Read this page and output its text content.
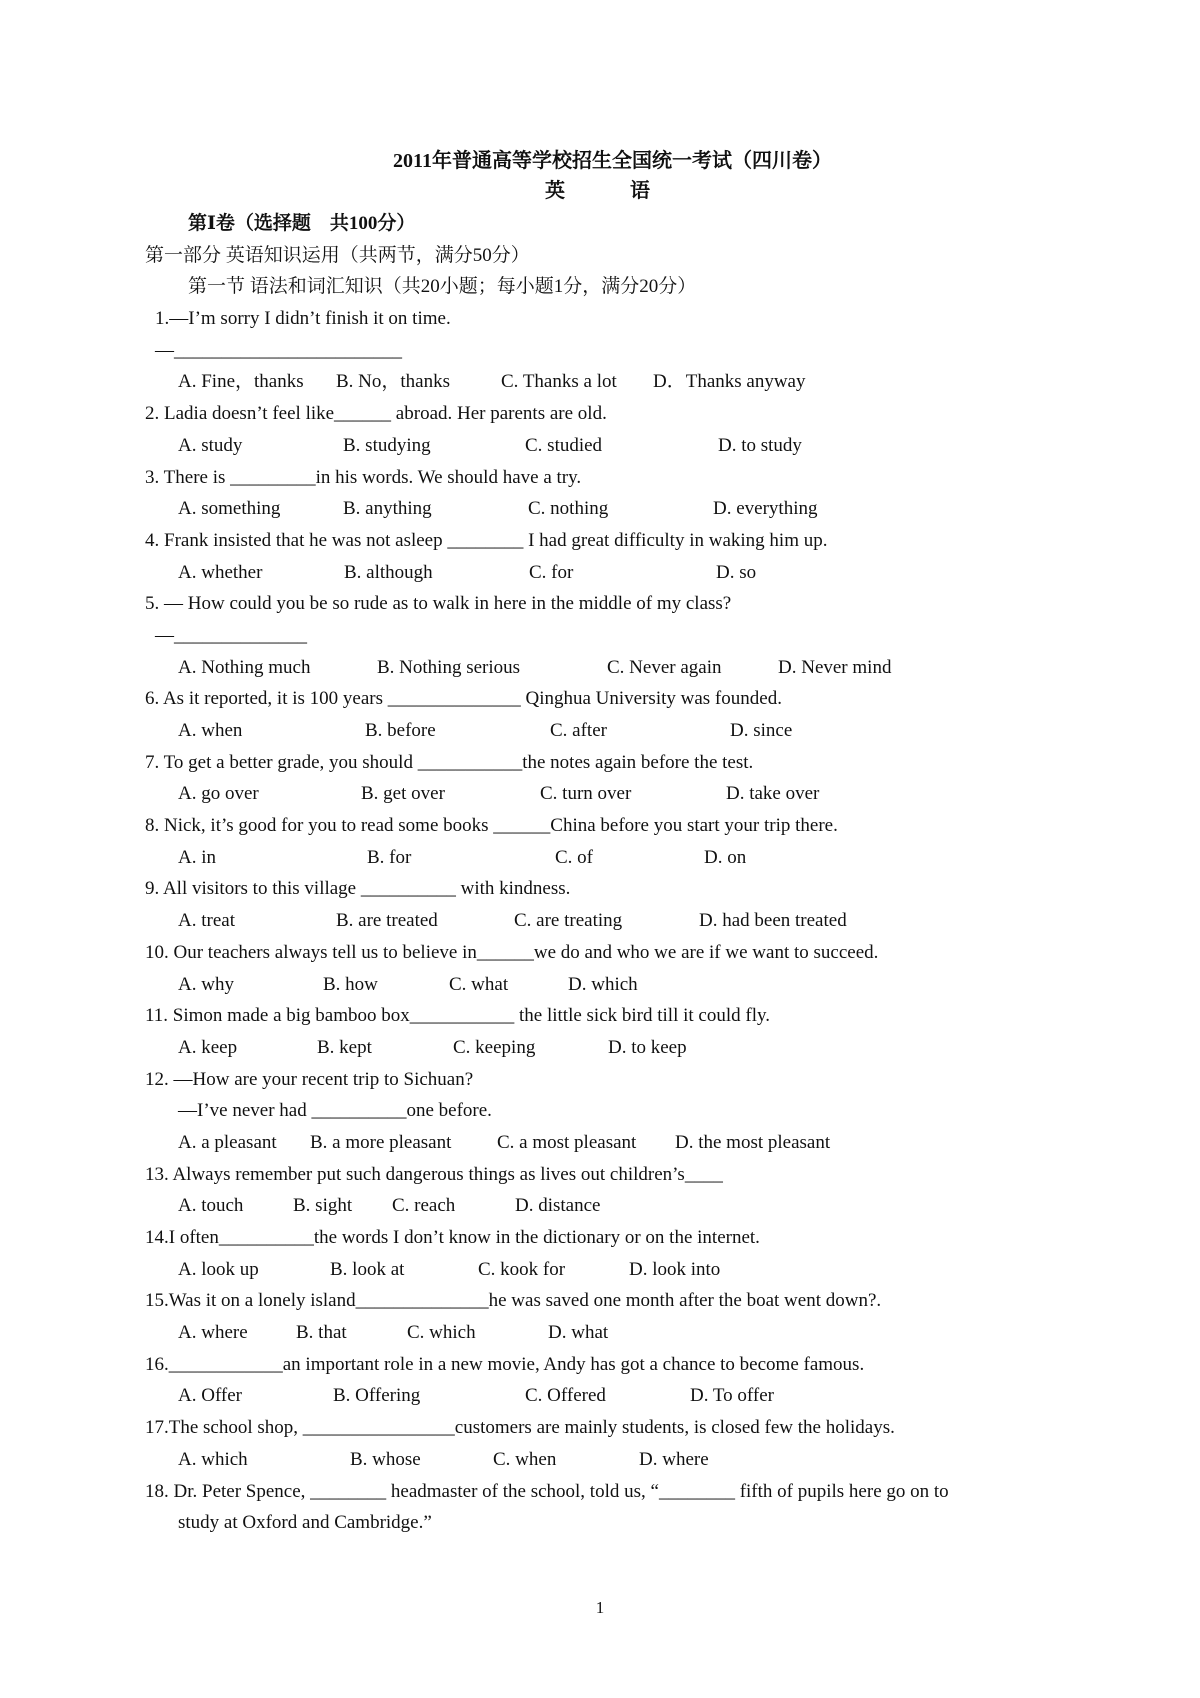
2011年普通高等学校招生全国统一考试（四川卷）
英 语
第Ⅰ卷（选择题　共100分）
第一部分 英语知识运用（共两节，满分50分）
第一节 语法和词汇知识（共20小题；每小题1分，满分20分）
1.—I’m sorry I didn’t finish it on time.
—________________________
A. Fine，thanks B. No，thanks	C. Thanks a lot D．Thanks anyway
2. Ladia doesn’t feel like______ abroad. Her parents are old.
A. study	B. studying	C. studied	D. to study
3. There is _________in his words. We should have a try.
A. something	B. anything	C. nothing	D. everything
4. Frank insisted that he was not asleep ________ I had great difficulty in waking him up.
A. whether	B. although	C. for	D. so
5. — How could you be so rude as to walk in here in the middle of my class?
—______________
A. Nothing much	B. Nothing serious	C. Never again	D. Never mind
6. As it reported, it is 100 years ______________ Qinghua University was founded.
A. when	B. before	C. after	D. since
7. To get a better grade, you should ___________the notes again before the test.
A. go over	B. get over	C. turn over	D. take over
8. Nick, it’s good for you to read some books ______China before you start your trip there.
A. in	B. for	C. of	D. on
9. All visitors to this village __________ with kindness.
A. treat	B. are treated	C. are treating	D. had been treated
10. Our teachers always tell us to believe in______we do and who we are if we want to succeed.
A. why	B. how	C. what	D. which
11. Simon made a big bamboo box___________ the little sick bird till it could fly.
A. keep	B. kept	C. keeping	D. to keep
12. —How are your recent trip to Sichuan?
—I’ve never had __________one before.
A. a pleasant B. a more pleasant C. a most pleasant D. the most pleasant
13. Always remember put such dangerous things as lives out children’s____
A. touch	B. sight C. reach	D. distance
14.I often__________the words I don’t know in the dictionary or on the internet.
A. look up	B. look at	C. kook for	D. look into
15.Was it on a lonely island______________he was saved one month after the boat went down?.
A. where	B. that	C. which	D. what
16.____________an important role in a new movie, Andy has got a chance to become famous.
A. Offer	B. Offering	C. Offered	D. To offer
17.The school shop, ________________customers are mainly students, is closed few the holidays.
A. which	B. whose	C. when	D. where
18. Dr. Peter Spence, ________ headmaster of the school, told us, “________ fifth of pupils here go on to
study at Oxford and Cambridge.”
1
